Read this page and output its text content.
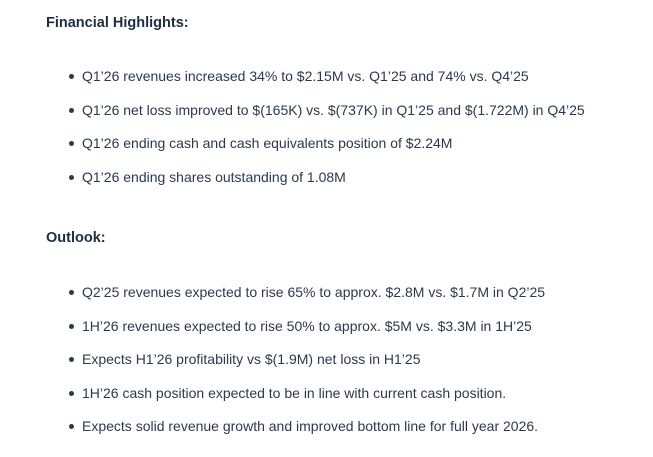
Financial Highlights:
Q1’26 revenues increased 34% to $2.15M vs. Q1’25 and 74% vs. Q4’25
Q1’26 net loss improved to $(165K) vs. $(737K) in Q1’25 and $(1.722M) in Q4’25
Q1’26 ending cash and cash equivalents position of $2.24M
Q1’26 ending shares outstanding of 1.08M
Outlook:
Q2’25 revenues expected to rise 65% to approx. $2.8M vs. $1.7M in Q2’25
1H’26 revenues expected to rise 50% to approx. $5M vs. $3.3M in 1H’25
Expects H1’26 profitability vs $(1.9M) net loss in H1’25
1H’26 cash position expected to be in line with current cash position.
Expects solid revenue growth and improved bottom line for full year 2026.
